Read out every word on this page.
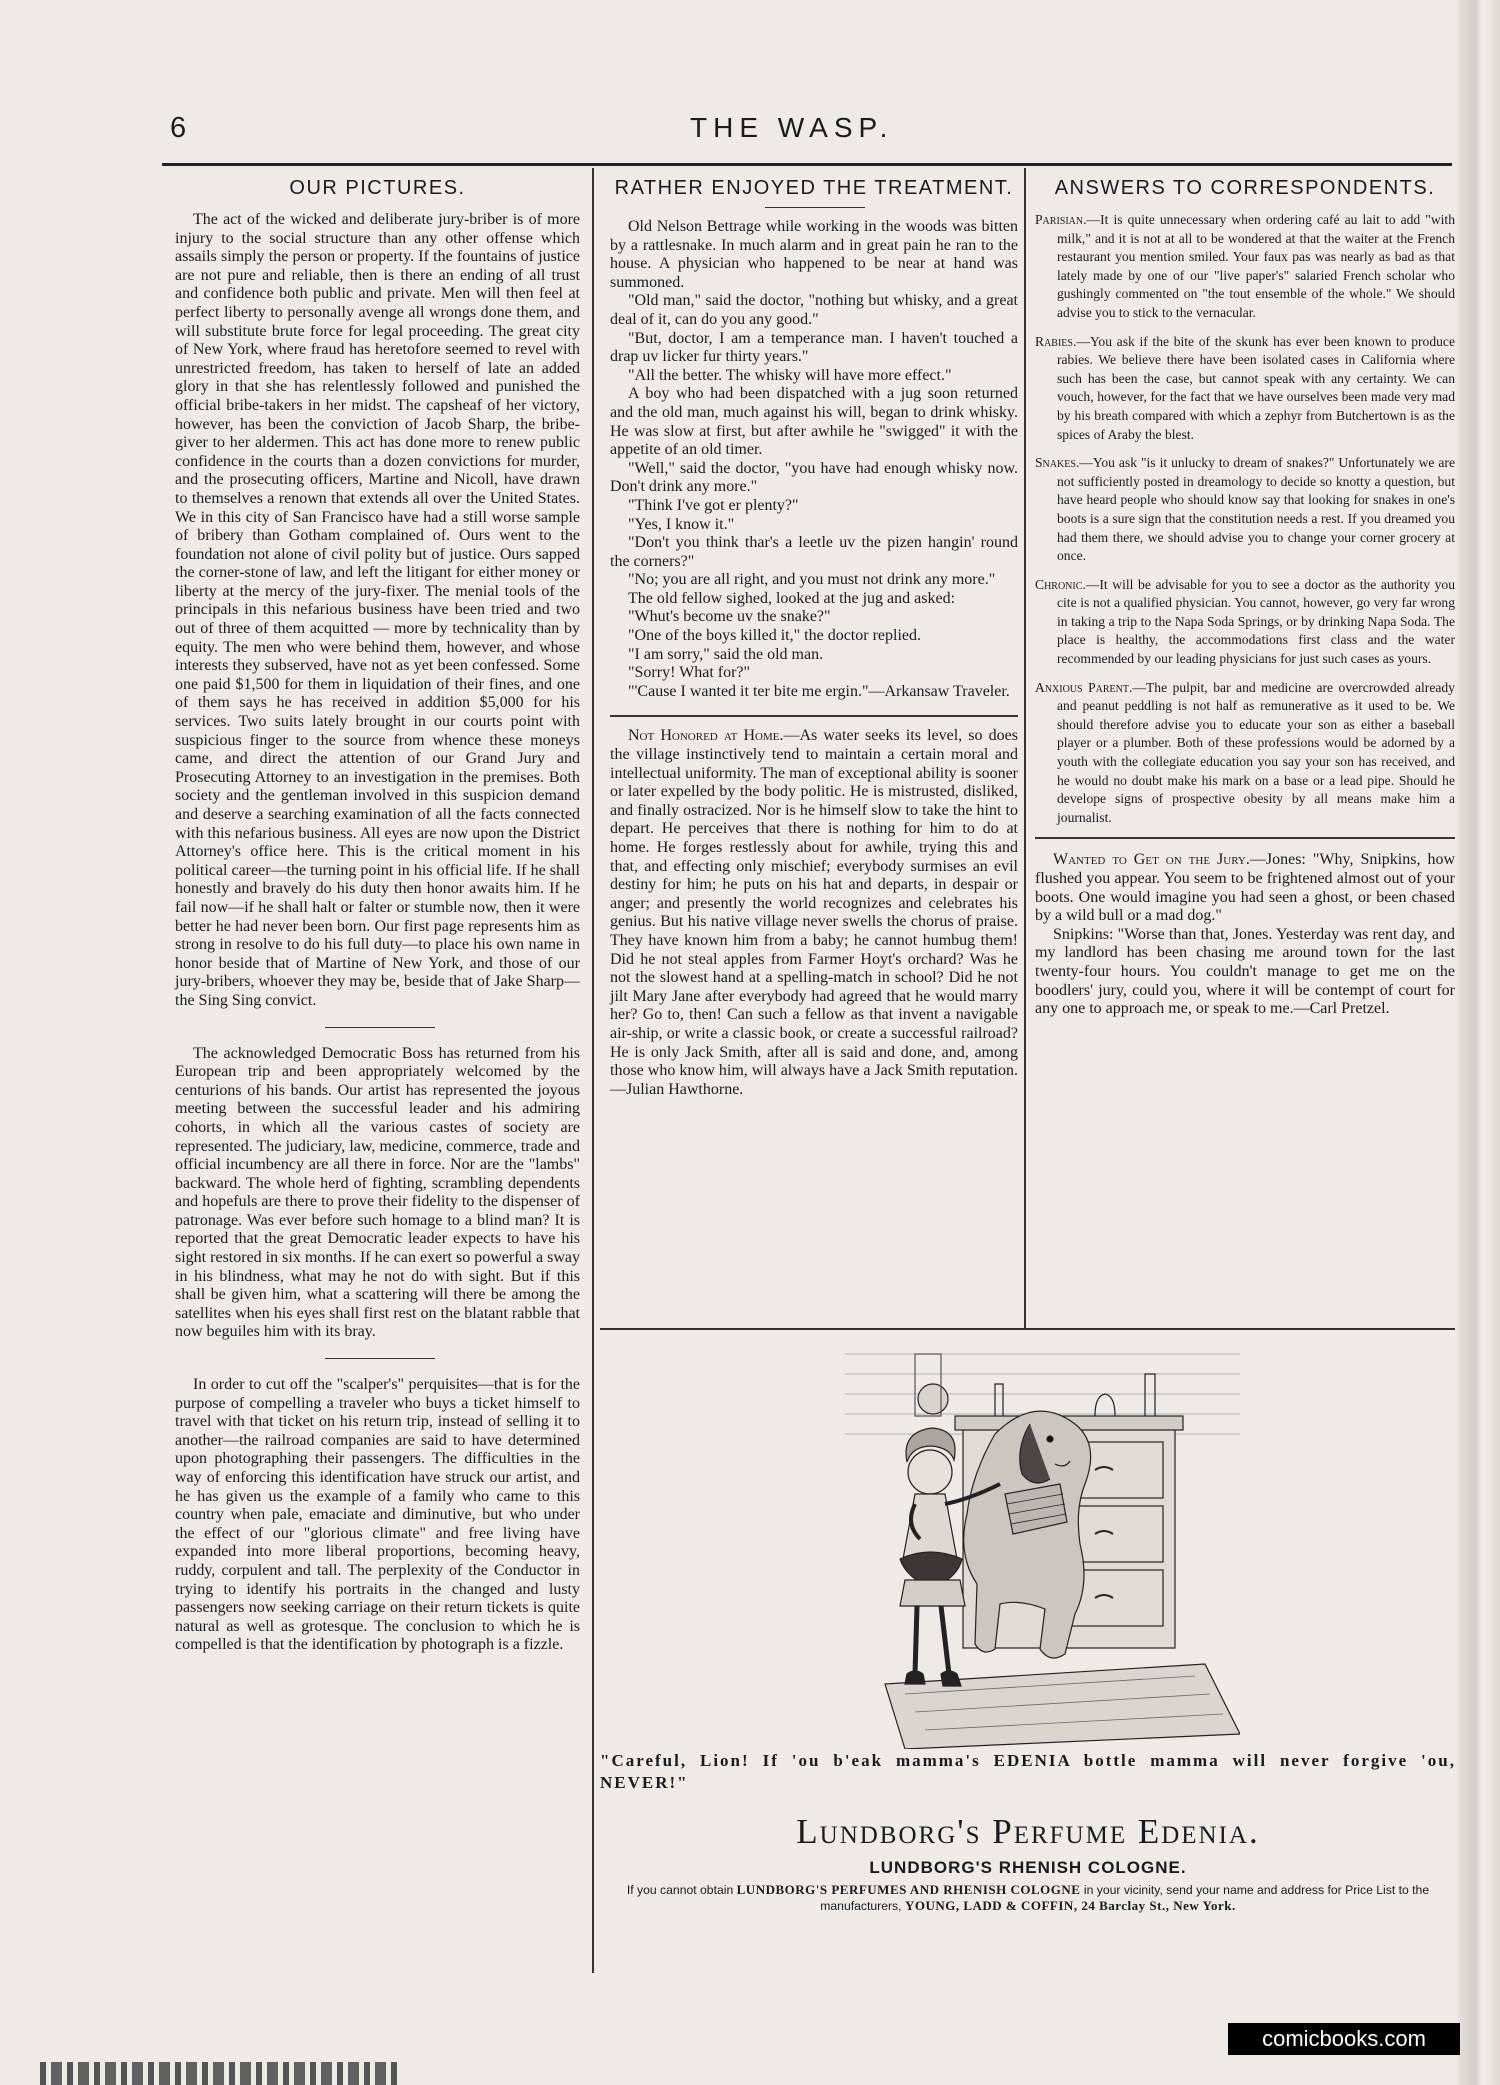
6	THE WASP.
OUR PICTURES.

The act of the wicked and deliberate jury-briber is of more injury to the social structure than any other offense which assails simply the person or property. If the fountains of justice are not pure and reliable, then is there an ending of all trust and confidence both public and private. Men will then feel at perfect liberty to personally avenge all wrongs done them, and will substitute brute force for legal proceeding. The great city of New York, where fraud has heretofore seemed to revel with unrestricted freedom, has taken to herself of late an added glory in that she has relentlessly followed and punished the official bribe-takers in her midst. The capsheaf of her victory, however, has been the conviction of Jacob Sharp, the bribe-giver to her aldermen. This act has done more to renew public confidence in the courts than a dozen convictions for murder, and the prosecuting officers, Martine and Nicoll, have drawn to themselves a renown that extends all over the United States. We in this city of San Francisco have had a still worse sample of bribery than Gotham complained of. Ours went to the foundation not alone of civil polity but of justice. Ours sapped the corner-stone of law, and left the litigant for either money or liberty at the mercy of the jury-fixer. The menial tools of the principals in this nefarious business have been tried and two out of three of them acquitted — more by technicality than by equity. The men who were behind them, however, and whose interests they subserved, have not as yet been confessed. Some one paid $1,500 for them in liquidation of their fines, and one of them says he has received in addition $5,000 for his services. Two suits lately brought in our courts point with suspicious finger to the source from whence these moneys came, and direct the attention of our Grand Jury and Prosecuting Attorney to an investigation in the premises. Both society and the gentleman involved in this suspicion demand and deserve a searching examination of all the facts connected with this nefarious business. All eyes are now upon the District Attorney's office here. This is the critical moment in his political career—the turning point in his official life. If he shall honestly and bravely do his duty then honor awaits him. If he fail now—if he shall halt or falter or stumble now, then it were better he had never been born. Our first page represents him as strong in resolve to do his full duty—to place his own name in honor beside that of Martine of New York, and those of our jury-bribers, whoever they may be, beside that of Jake Sharp—the Sing Sing convict.

The acknowledged Democratic Boss has returned from his European trip and been appropriately welcomed by the centurions of his bands. Our artist has represented the joyous meeting between the successful leader and his admiring cohorts, in which all the various castes of society are represented. The judiciary, law, medicine, commerce, trade and official incumbency are all there in force. Nor are the "lambs" backward. The whole herd of fighting, scrambling dependents and hopefuls are there to prove their fidelity to the dispenser of patronage. Was ever before such homage to a blind man? It is reported that the great Democratic leader expects to have his sight restored in six months. If he can exert so powerful a sway in his blindness, what may he not do with sight. But if this shall be given him, what a scattering will there be among the satellites when his eyes shall first rest on the blatant rabble that now beguiles him with its bray.

In order to cut off the "scalper's" perquisites—that is for the purpose of compelling a traveler who buys a ticket himself to travel with that ticket on his return trip, instead of selling it to another—the railroad companies are said to have determined upon photographing their passengers. The difficulties in the way of enforcing this identification have struck our artist, and he has given us the example of a family who came to this country when pale, emaciate and diminutive, but who under the effect of our "glorious climate" and free living have expanded into more liberal proportions, becoming heavy, ruddy, corpulent and tall. The perplexity of the Conductor in trying to identify his portraits in the changed and lusty passengers now seeking carriage on their return tickets is quite natural as well as grotesque. The conclusion to which he is compelled is that the identification by photograph is a fizzle.

RATHER ENJOYED THE TREATMENT.

Old Nelson Bettrage while working in the woods was bitten by a rattlesnake. In much alarm and in great pain he ran to the house. A physician who happened to be near at hand was summoned.

"Old man," said the doctor, "nothing but whisky, and a great deal of it, can do you any good."

"But, doctor, I am a temperance man. I haven't touched a drap uv licker fur thirty years."

"All the better. The whisky will have more effect."

A boy who had been dispatched with a jug soon returned and the old man, much against his will, began to drink whisky. He was slow at first, but after awhile he "swigged" it with the appetite of an old timer.

"Well," said the doctor, "you have had enough whisky now. Don't drink any more."

"Think I've got er plenty?"

"Yes, I know it."

"Don't you think thar's a leetle uv the pizen hangin' round the corners?"

"No; you are all right, and you must not drink any more."

The old fellow sighed, looked at the jug and asked:

"Whut's become uv the snake?"

"One of the boys killed it," the doctor replied.

"I am sorry," said the old man.

"Sorry! What for?"

"'Cause I wanted it ter bite me ergin."—Arkansaw Traveler.

Not Honored at Home.—As water seeks its level, so does the village instinctively tend to maintain a certain moral and intellectual uniformity. The man of exceptional ability is sooner or later expelled by the body politic. He is mistrusted, disliked, and finally ostracized. Nor is he himself slow to take the hint to depart. He perceives that there is nothing for him to do at home. He forges restlessly about for awhile, trying this and that, and effecting only mischief; everybody surmises an evil destiny for him; he puts on his hat and departs, in despair or anger; and presently the world recognizes and celebrates his genius. But his native village never swells the chorus of praise. They have known him from a baby; he cannot humbug them! Did he not steal apples from Farmer Hoyt's orchard? Was he not the slowest hand at a spelling-match in school? Did he not jilt Mary Jane after everybody had agreed that he would marry her? Go to, then! Can such a fellow as that invent a navigable air-ship, or write a classic book, or create a successful railroad? He is only Jack Smith, after all is said and done, and, among those who know him, will always have a Jack Smith reputation.—Julian Hawthorne.

ANSWERS TO CORRESPONDENTS.

Parisian.—It is quite unnecessary when ordering café au lait to add "with milk," and it is not at all to be wondered at that the waiter at the French restaurant you mention smiled. Your faux pas was nearly as bad as that lately made by one of our "live paper's" salaried French scholar who gushingly commented on "the tout ensemble of the whole." We should advise you to stick to the vernacular.

Rabies.—You ask if the bite of the skunk has ever been known to produce rabies. We believe there have been isolated cases in California where such has been the case, but cannot speak with any certainty. We can vouch, however, for the fact that we have ourselves been made very mad by his breath compared with which a zephyr from Butchertown is as the spices of Araby the blest.

Snakes.—You ask "is it unlucky to dream of snakes?" Unfortunately we are not sufficiently posted in dreamology to decide so knotty a question, but have heard people who should know say that looking for snakes in one's boots is a sure sign that the constitution needs a rest. If you dreamed you had them there, we should advise you to change your corner grocery at once.

Chronic.—It will be advisable for you to see a doctor as the authority you cite is not a qualified physician. You cannot, however, go very far wrong in taking a trip to the Napa Soda Springs, or by drinking Napa Soda. The place is healthy, the accommodations first class and the water recommended by our leading physicians for just such cases as yours.

Anxious Parent.—The pulpit, bar and medicine are overcrowded already and peanut peddling is not half as remunerative as it used to be. We should therefore advise you to educate your son as either a baseball player or a plumber. Both of these professions would be adorned by a youth with the collegiate education you say your son has received, and he would no doubt make his mark on a base or a lead pipe. Should he develope signs of prospective obesity by all means make him a journalist.

Wanted to Get on the Jury.—Jones: "Why, Snipkins, how flushed you appear. You seem to be frightened almost out of your boots. One would imagine you had seen a ghost, or been chased by a wild bull or a mad dog."

Snipkins: "Worse than that, Jones. Yesterday was rent day, and my landlord has been chasing me around town for the last twenty-four hours. You couldn't manage to get me on the boodlers' jury, could you, where it will be contempt of court for any one to approach me, or speak to me.—Carl Pretzel.

"Careful, Lion! If 'ou b'eak mamma's EDENIA bottle mamma will never forgive 'ou, NEVER!"
Lundborg's Perfume Edenia.
LUNDBORG'S RHENISH COLOGNE.
If you cannot obtain LUNDBORG'S PERFUMES AND RHENISH COLOGNE in your vicinity, send your name and address for Price List to the manufacturers, YOUNG, LADD & COFFIN, 24 Barclay St., New York.
comicbooks.com
